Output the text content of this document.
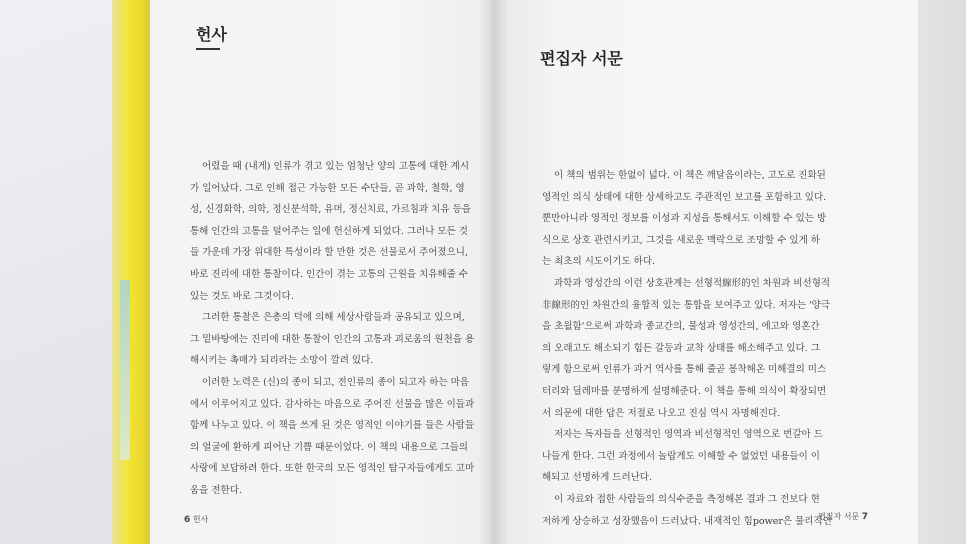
헌사
편집자 서문
어렸을 때 (내게) 인류가 겪고 있는 엄청난 양의 고통에 대한 계시
가 일어났다. 그로 인해 접근 가능한 모든 수단들, 곧 과학, 철학, 영
성, 신경화학, 의학, 정신분석학, 유머, 정신치료, 가르침과 치유 등을
통해 인간의 고통을 덜어주는 일에 헌신하게 되었다. 그러나 모든 것
들 가운데 가장 위대한 특성이라 할 만한 것은 선물로서 주어졌으니,
바로 진리에 대한 통찰이다. 인간이 겪는 고통의 근원을 치유해줄 수
있는 것도 바로 그것이다.
그러한 통찰은 은총의 덕에 의해 세상사람들과 공유되고 있으며,
그 밑바탕에는 진리에 대한 통찰이 인간의 고통과 괴로움의 원천을 용
해시키는 촉매가 되리라는 소망이 깔려 있다.
이러한 노력은 (신)의 종이 되고, 전인류의 종이 되고자 하는 마음
에서 이루어지고 있다. 감사하는 마음으로 주어진 선물을 많은 이들과
함께 나누고 있다. 이 책을 쓰게 된 것은 영적인 이야기를 들은 사람들
의 얼굴에 환하게 피어난 기쁨 때문이었다. 이 책의 내용으로 그들의
사랑에 보답하려 한다. 또한 한국의 모든 영적인 탐구자들에게도 고마
움을 전한다.
이 책의 범위는 한없이 넓다. 이 책은 깨달음이라는, 고도로 진화된
영적인 의식 상태에 대한 상세하고도 주관적인 보고를 포함하고 있다.
뿐만아니라 영적인 정보를 이성과 지성을 통해서도 이해할 수 있는 방
식으로 상호 관련시키고, 그것을 새로운 맥락으로 조망할 수 있게 하
는 최초의 시도이기도 하다.
과학과 영성간의 이런 상호관계는 선형적線形的인 차원과 비선형적
非線形的인 차원간의 융합적 있는 통합을 보여주고 있다. 저자는 '양극
을 초월함'으로써 과학과 종교간의, 물성과 영성간의, 에고와 영혼간
의 오래고도 해소되기 힘든 갈등과 교착 상태를 해소해주고 있다. 그
렇게 함으로써 인류가 과거 역사를 통해 줄곧 봉착해온 미해결의 미스
터리와 딜레마를 분명하게 설명해준다. 이 책을 통해 의식이 확장되면
서 의문에 대한 답은 저절로 나오고 진심 역시 자명해진다.
저자는 독자들을 선형적인 영역과 비선형적인 영역으로 번갈아 드
나들게 한다. 그런 과정에서 놀랍게도 이해할 수 없었던 내용들이 이
해되고 선명하게 드러난다.
이 자료와 접한 사람들의 의식수준을 측정해본 결과 그 전보다 현
저하게 상승하고 성장했음이 드러났다. 내재적인 힘power은 물리적인
6 헌사	편집자 서문 7
